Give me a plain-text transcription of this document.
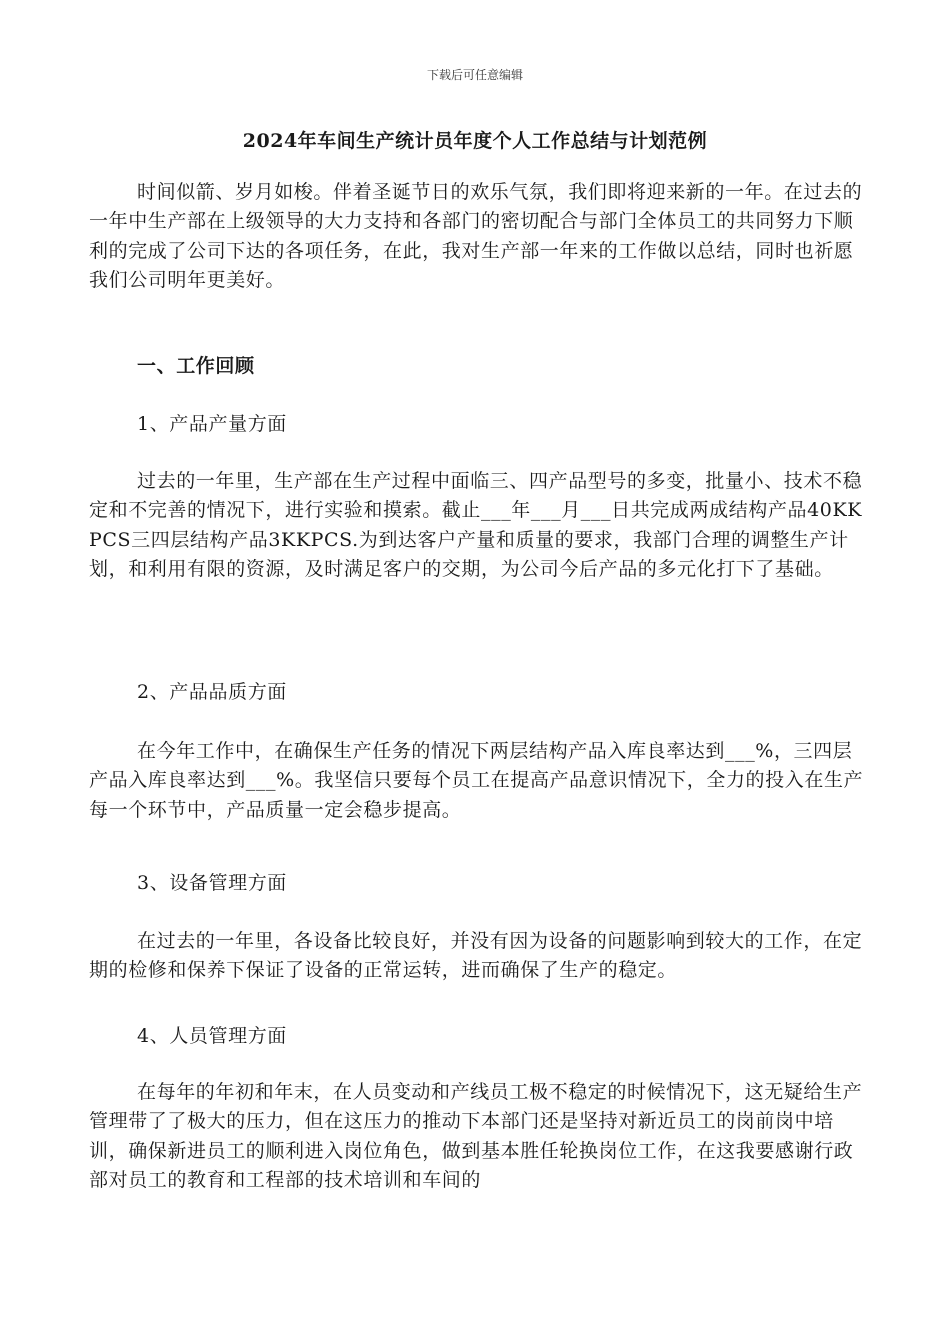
下载后可任意编辑
2024年车间生产统计员年度个人工作总结与计划范例

时间似箭、岁月如梭。伴着圣诞节日的欢乐气氛，我们即将迎来新的一年。在过去的一年中生产部在上级领导的大力支持和各部门的密切配合与部门全体员工的共同努力下顺利的完成了公司下达的各项任务，在此，我对生产部一年来的工作做以总结，同时也祈愿我们公司明年更美好。

一、工作回顾

1、产品产量方面

过去的一年里，生产部在生产过程中面临三、四产品型号的多变，批量小、技术不稳定和不完善的情况下，进行实验和摸索。截止___年___月___日共完成两成结构产品40KKPCS三四层结构产品3KKPCS.为到达客户产量和质量的要求，我部门合理的调整生产计划，和利用有限的资源，及时满足客户的交期，为公司今后产品的多元化打下了基础。

2、产品品质方面

在今年工作中，在确保生产任务的情况下两层结构产品入库良率达到___%，三四层产品入库良率达到___%。我坚信只要每个员工在提高产品意识情况下，全力的投入在生产每一个环节中，产品质量一定会稳步提高。

3、设备管理方面

在过去的一年里，各设备比较良好，并没有因为设备的问题影响到较大的工作，在定期的检修和保养下保证了设备的正常运转，进而确保了生产的稳定。

4、人员管理方面

在每年的年初和年末，在人员变动和产线员工极不稳定的时候情况下，这无疑给生产管理带了了极大的压力，但在这压力的推动下本部门还是坚持对新近员工的岗前岗中培训，确保新进员工的顺利进入岗位角色，做到基本胜任轮换岗位工作，在这我要感谢行政部对员工的教育和工程部的技术培训和车间的
